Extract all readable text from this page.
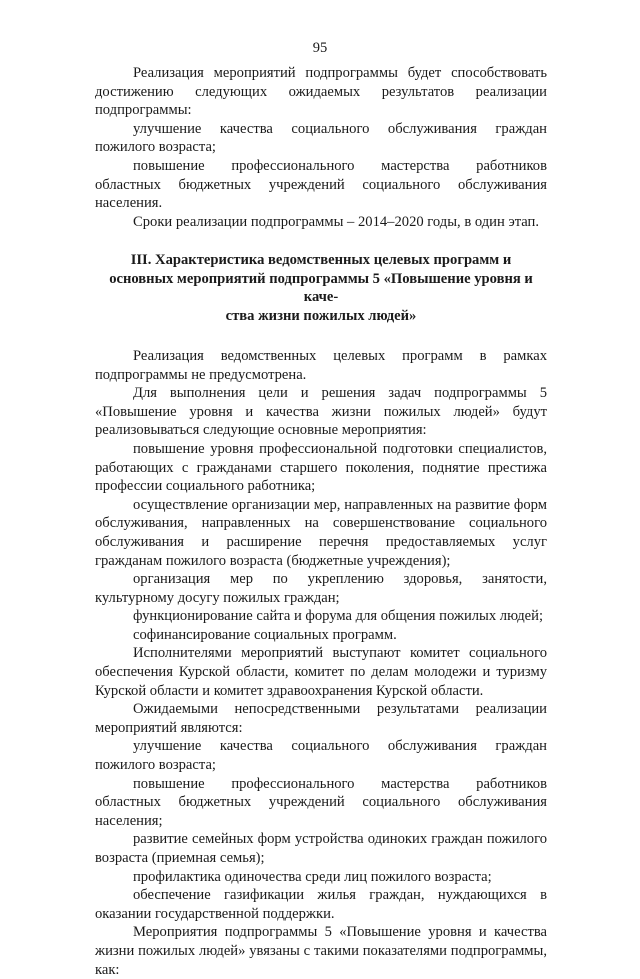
95

Реализация мероприятий подпрограммы будет способствовать достижению следующих ожидаемых результатов реализации подпрограммы:

улучшение качества социального обслуживания граждан пожилого возраста;

повышение профессионального мастерства работников областных бюджетных учреждений социального обслуживания населения.

Сроки реализации подпрограммы – 2014–2020 годы, в один этап.

III. Характеристика ведомственных целевых программ и
основных мероприятий подпрограммы 5 «Повышение уровня и каче-
ства жизни пожилых людей»

Реализация ведомственных целевых программ в рамках подпрограммы не предусмотрена.

Для выполнения цели и решения задач подпрограммы 5 «Повышение уровня и качества жизни пожилых людей» будут реализовываться следующие основные мероприятия:

повышение уровня профессиональной подготовки специалистов, работающих с гражданами старшего поколения, поднятие престижа професcии социального работника;

осуществление организации мер, направленных на развитие форм обслуживания, направленных на совершенствование социального обслуживания и расширение перечня предоставляемых услуг гражданам пожилого возраста (бюджетные учреждения);

организация мер по укреплению здоровья, занятости, культурному досугу пожилых граждан;

функционирование сайта и форума для общения пожилых людей;

софинансирование социальных программ.

Исполнителями мероприятий выступают комитет социального обеспечения Курской области, комитет по делам молодежи и туризму Курской области и комитет здравоохранения Курской области.

Ожидаемыми непосредственными результатами реализации мероприятий являются:

улучшение качества социального обслуживания граждан пожилого возраста;

повышение профессионального мастерства работников областных бюджетных учреждений социального обслуживания населения;

развитие семейных форм устройства одиноких граждан пожилого возраста (приемная семья);

профилактика одиночества среди лиц пожилого возраста;

обеспечение газификации жилья граждан, нуждающихся в оказании государственной поддержки.

Мероприятия подпрограммы 5 «Повышение уровня и качества жизни пожилых людей» увязаны с такими показателями подпрограммы, как:
